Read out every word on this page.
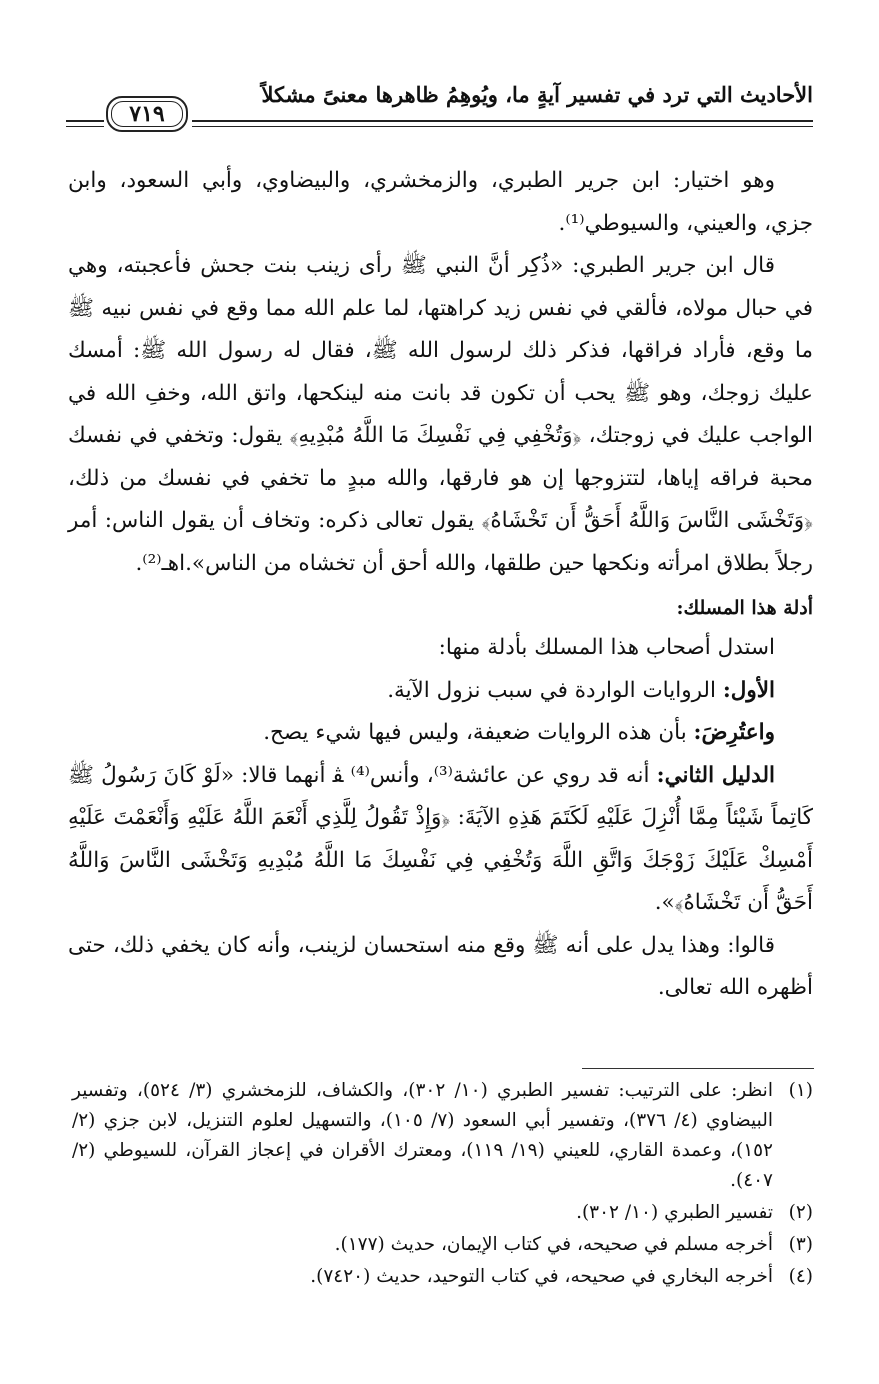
الأحاديث التي ترد في تفسير آيةٍ ما، ويُوهِمُ ظاهرها معنىً مشكلاً
٧١٩

وهو اختيار: ابن جرير الطبري، والزمخشري، والبيضاوي، وأبي السعود، وابن جزي، والعيني، والسيوطي⁽¹⁾.

قال ابن جرير الطبري: «ذُكِر أنَّ النبي ﷺ رأى زينب بنت جحش فأعجبته، وهي في حبال مولاه، فألقي في نفس زيد كراهتها، لما علم الله مما وقع في نفس نبيه ﷺ ما وقع، فأراد فراقها، فذكر ذلك لرسول الله ﷺ، فقال له رسول الله ﷺ: أمسك عليك زوجك، وهو ﷺ يحب أن تكون قد بانت منه لينكحها، واتق الله، وخفِ الله في الواجب عليك في زوجتك، ﴿وَتُخْفِي فِي نَفْسِكَ مَا اللَّهُ مُبْدِيهِ﴾ يقول: وتخفي في نفسك محبة فراقه إياها، لتتزوجها إن هو فارقها، والله مبدٍ ما تخفي في نفسك من ذلك، ﴿وَتَخْشَى النَّاسَ وَاللَّهُ أَحَقُّ أَن تَخْشَاهُ﴾ يقول تعالى ذكره: وتخاف أن يقول الناس: أمر رجلاً بطلاق امرأته ونكحها حين طلقها، والله أحق أن تخشاه من الناس».اهـ⁽²⁾.

أدلة هذا المسلك:

استدل أصحاب هذا المسلك بأدلة منها:

الأول: الروايات الواردة في سبب نزول الآية.

واعتُرِضَ: بأن هذه الروايات ضعيفة، وليس فيها شيء يصح.

الدليل الثاني: أنه قد روي عن عائشة⁽³⁾، وأنس⁽⁴⁾ ﭭ أنهما قالا: «لَوْ كَانَ رَسُولُ ﷺ كَاتِماً شَيْئاً مِمَّا أُنْزِلَ عَلَيْهِ لَكَتَمَ هَذِهِ الآيَةَ: ﴿وَإِذْ تَقُولُ لِلَّذِي أَنْعَمَ اللَّهُ عَلَيْهِ وَأَنْعَمْتَ عَلَيْهِ أَمْسِكْ عَلَيْكَ زَوْجَكَ وَاتَّقِ اللَّهَ وَتُخْفِي فِي نَفْسِكَ مَا اللَّهُ مُبْدِيهِ وَتَخْشَى النَّاسَ وَاللَّهُ أَحَقُّ أَن تَخْشَاهُ﴾».

قالوا: وهذا يدل على أنه ﷺ وقع منه استحسان لزينب، وأنه كان يخفي ذلك، حتى أظهره الله تعالى.

(١)
انظر: على الترتيب: تفسير الطبري (١٠/ ٣٠٢)، والكشاف، للزمخشري (٣/ ٥٢٤)، وتفسير البيضاوي (٤/ ٣٧٦)، وتفسير أبي السعود (٧/ ١٠٥)، والتسهيل لعلوم التنزيل، لابن جزي (٢/ ١٥٢)، وعمدة القاري، للعيني (١٩/ ١١٩)، ومعترك الأقران في إعجاز القرآن، للسيوطي (٢/ ٤٠٧).
(٢)
تفسير الطبري (١٠/ ٣٠٢).
(٣)
أخرجه مسلم في صحيحه، في كتاب الإيمان، حديث (١٧٧).
(٤)
أخرجه البخاري في صحيحه، في كتاب التوحيد، حديث (٧٤٢٠).
